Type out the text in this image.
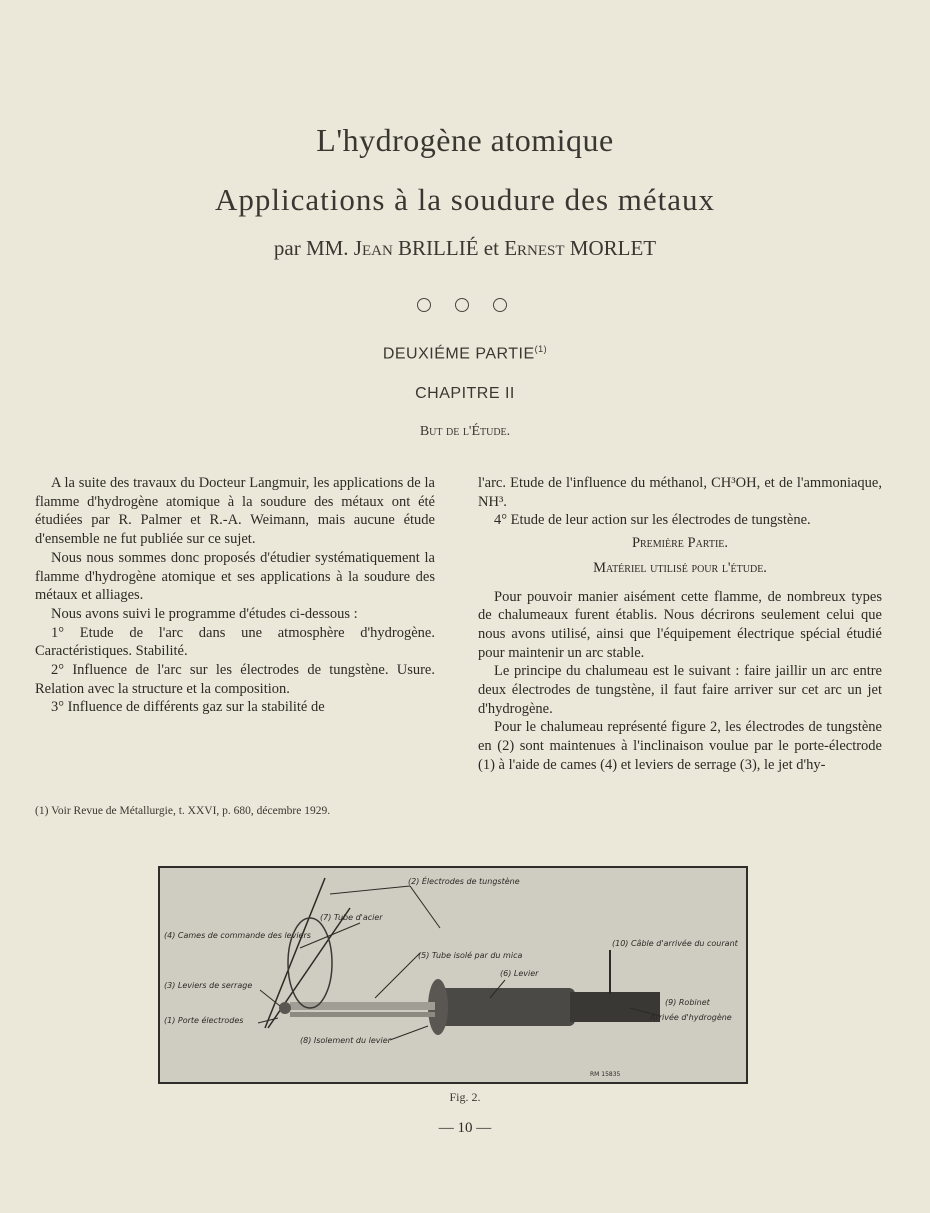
L'hydrogène atomique
Applications à la soudure des métaux
par MM. Jean BRILLIÉ et Ernest MORLET
DEUXIÉME PARTIE$^{(1)}$
CHAPITRE II
But de l'Étude.

A la suite des travaux du Docteur Langmuir, les applications de la flamme d'hydrogène atomique à la soudure des métaux ont été étudiées par R. Palmer et R.-A. Weimann, mais aucune étude d'ensemble ne fut publiée sur ce sujet.

Nous nous sommes donc proposés d'étudier systématiquement la flamme d'hydrogène atomique et ses applications à la soudure des métaux et alliages.

Nous avons suivi le programme d'études ci-dessous :

1° Etude de l'arc dans une atmosphère d'hydrogène. Caractéristiques. Stabilité.

2° Influence de l'arc sur les électrodes de tungstène. Usure. Relation avec la structure et la composition.

3° Influence de différents gaz sur la stabilité de

(1) Voir Revue de Métallurgie, t. XXVI, p. 680, décembre 1929.

l'arc. Etude de l'influence du méthanol, CH³OH, et de l'ammoniaque, NH³.

4° Etude de leur action sur les électrodes de tungstène.

Première Partie.

Matériel utilisé pour l'étude.

Pour pouvoir manier aisément cette flamme, de nombreux types de chalumeaux furent établis. Nous décrirons seulement celui que nous avons utilisé, ainsi que l'équipement électrique spécial étudié pour maintenir un arc stable.

Le principe du chalumeau est le suivant : faire jaillir un arc entre deux électrodes de tungstène, il faut faire arriver sur cet arc un jet d'hydrogène.

Pour le chalumeau représenté figure 2, les électrodes de tungstène en (2) sont maintenues à l'inclinaison voulue par le porte-électrode (1) à l'aide de cames (4) et leviers de serrage (3), le jet d'hy-

(2) Électrodes de tungstène
(7) Tube d'acier
(4) Cames de commande des leviers
(5) Tube isolé par du mica
(10) Câble d'arrivée du courant
(6) Levier
(3) Leviers de serrage
(9) Robinet
Arrivée d'hydrogène
(1) Porte électrodes
(8) Isolement du levier
RM 15835
Fig. 2.
— 10 —
